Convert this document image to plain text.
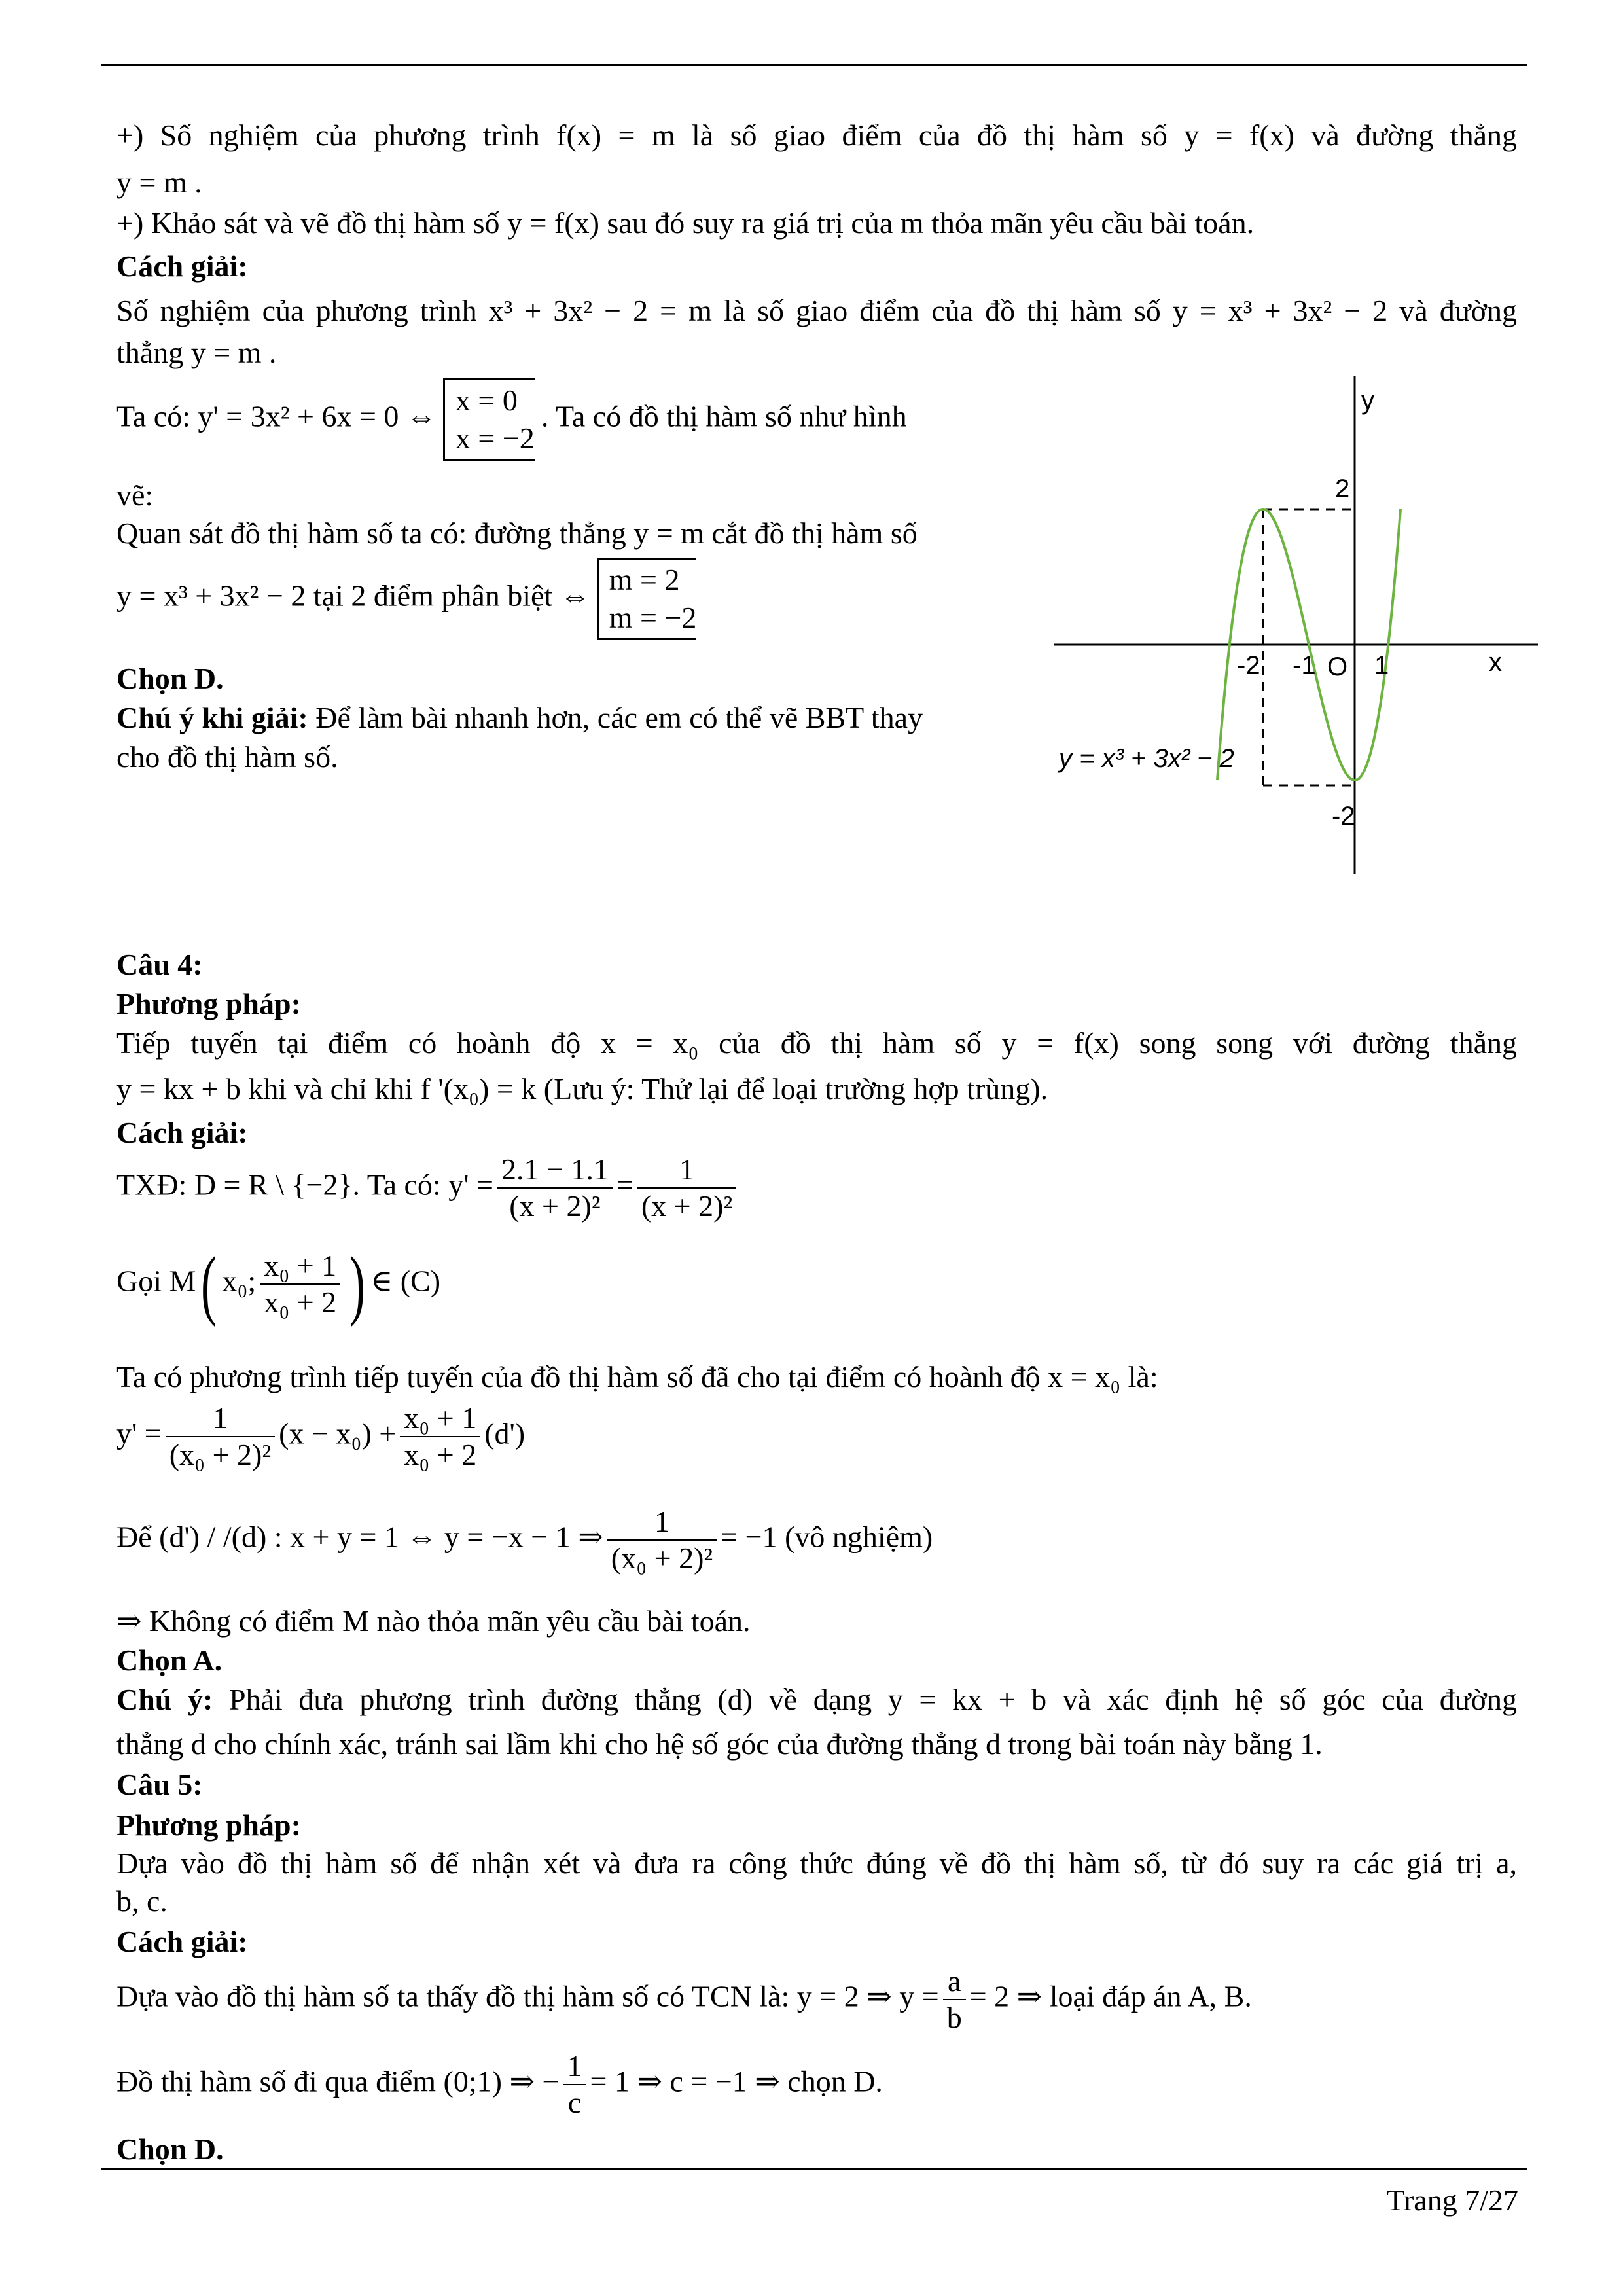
+) Số nghiệm của phương trình f(x) = m là số giao điểm của đồ thị hàm số y = f(x) và đường thẳng
y = m .
+) Khảo sát và vẽ đồ thị hàm số y = f(x) sau đó suy ra giá trị của m thỏa mãn yêu cầu bài toán.
Cách giải:
Số nghiệm của phương trình x³ + 3x² − 2 = m là số giao điểm của đồ thị hàm số y = x³ + 3x² − 2 và đường
thẳng y = m .
Ta có: y' = 3x² + 6x = 0 ⇔ x = 0
x = −2
. Ta có đồ thị hàm số như hình
vẽ:
Quan sát đồ thị hàm số ta có: đường thẳng y = m cắt đồ thị hàm số
y = x³ + 3x² − 2 tại 2 điểm phân biệt ⇔ m = 2
m = −2
Chọn D.
Chú ý khi giải: Để làm bài nhanh hơn, các em có thể vẽ BBT thay
cho đồ thị hàm số.
y
x
2
-2
-2 -1 O 1
y = x³ + 3x² − 2
Câu 4:
Phương pháp:
Tiếp tuyến tại điểm có hoành độ x = x₀ của đồ thị hàm số y = f(x) song song với đường thẳng
y = kx + b khi và chỉ khi f '(x₀) = k (Lưu ý: Thử lại để loại trường hợp trùng).
Cách giải:
TXĐ: D = R \ {−2}. Ta có: $y' = \frac{2.1 - 1.1}{\text{(x + 2)²}} = \frac{1}{\text{(x + 2)²}}$
Gọi M( x₀; $\frac{\text{x₀ + 1}}{\text{x₀ + 2}}$ ) ∈ (C)
Ta có phương trình tiếp tuyến của đồ thị hàm số đã cho tại điểm có hoành độ x = x₀ là:
$y' = \frac{1}{\text{(x₀ + 2)²}} (x - x_0) + \frac{\text{x₀ + 1}}{\text{x₀ + 2}} (d')$
Để (d') / /(d) : x + y = 1 ⇔ y = −x − 1 ⇒ $\frac{1}{\text{(x₀ + 2)²}} = -1$ (vô nghiệm)
⇒ Không có điểm M nào thỏa mãn yêu cầu bài toán.
Chọn A.
Chú ý: Phải đưa phương trình đường thẳng (d) về dạng y = kx + b và xác định hệ số góc của đường
thẳng d cho chính xác, tránh sai lầm khi cho hệ số góc của đường thẳng d trong bài toán này bằng 1.
Câu 5:
Phương pháp:
Dựa vào đồ thị hàm số để nhận xét và đưa ra công thức đúng về đồ thị hàm số, từ đó suy ra các giá trị a,
b, c.
Cách giải:
Dựa vào đồ thị hàm số ta thấy đồ thị hàm số có TCN là: y = 2 ⇒ $y = \frac{a}{b} = 2$ ⇒ loại đáp án A, B.
Đồ thị hàm số đi qua điểm (0;1) ⇒ − $\frac{1}{c} = 1$ ⇒ c = −1 ⇒ chọn D.
Chọn D.
Trang 7/27
